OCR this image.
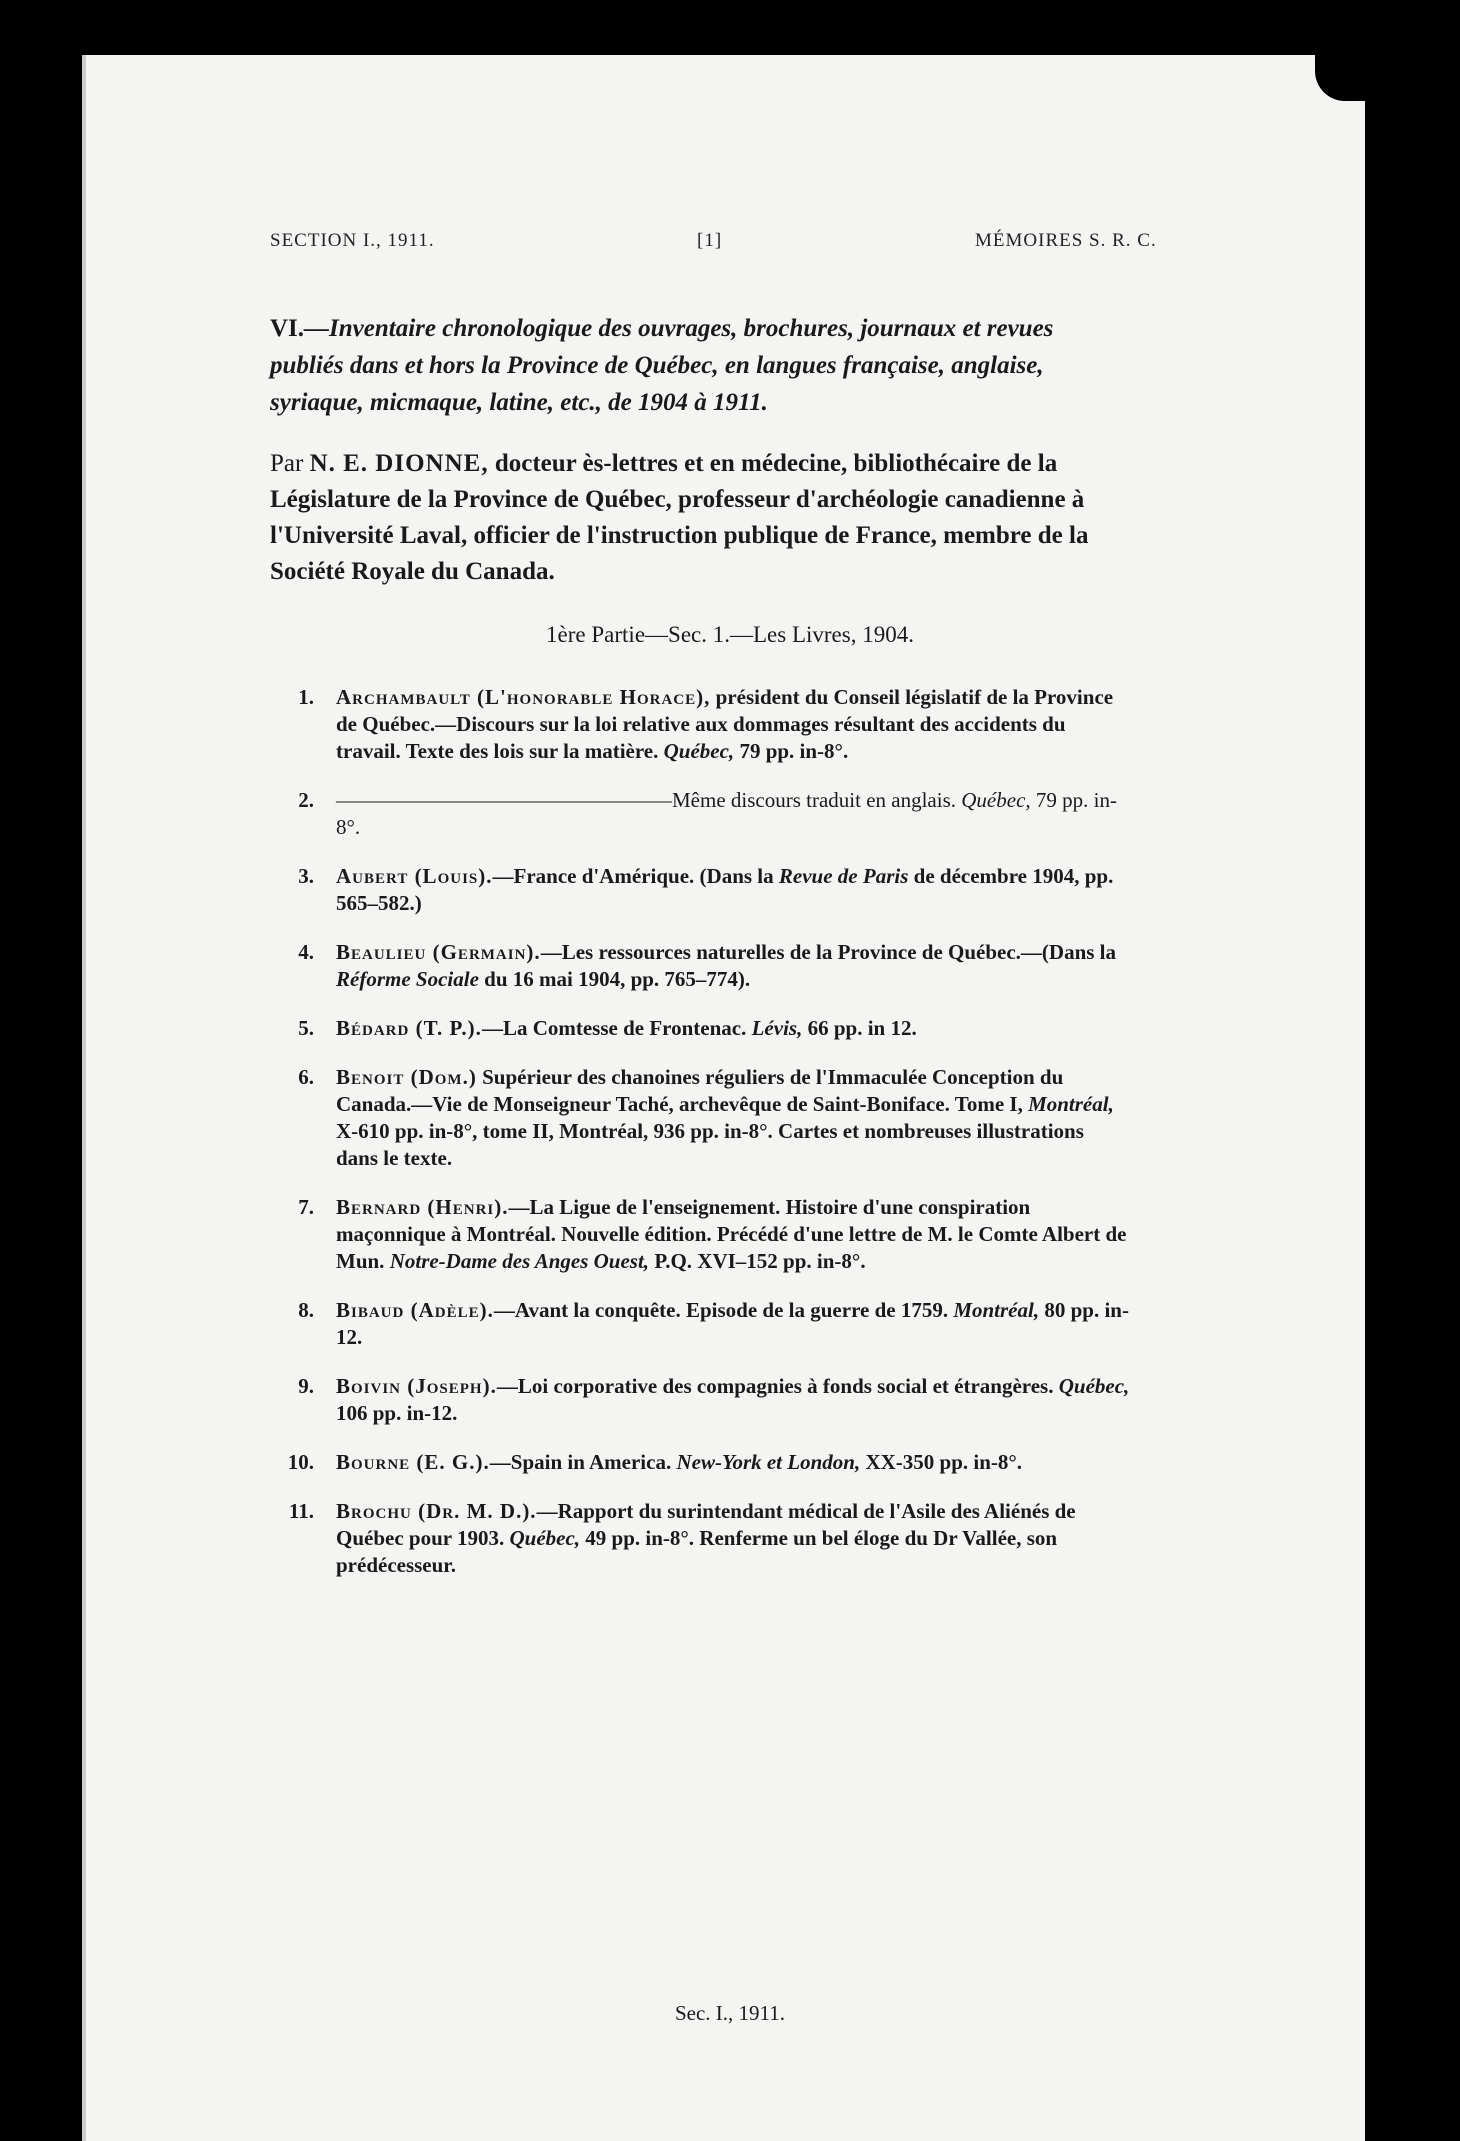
SECTION I., 1911.	[1]	MÉMOIRES S. R. C.
VI.—Inventaire chronologique des ouvrages, brochures, journaux et revues publiés dans et hors la Province de Québec, en langues française, anglaise, syriaque, micmaque, latine, etc., de 1904 à 1911.
Par N. E. DIONNE, docteur ès-lettres et en médecine, bibliothécaire de la Législature de la Province de Québec, professeur d'archéologie canadienne à l'Université Laval, officier de l'instruction publique de France, membre de la Société Royale du Canada.
1ère Partie—Sec. 1.—Les Livres, 1904.
1. Archambault (L'honorable Horace), président du Conseil législatif de la Province de Québec.—Discours sur la loi relative aux dommages résultant des accidents du travail. Texte des lois sur la matière. Québec, 79 pp. in-8°.
2. ————————————————Même discours traduit en anglais. Québec, 79 pp. in-8°.
3. Aubert (Louis).—France d'Amérique. (Dans la Revue de Paris de décembre 1904, pp. 565–582.)
4. Beaulieu (Germain).—Les ressources naturelles de la Province de Québec.—(Dans la Réforme Sociale du 16 mai 1904, pp. 765–774).
5. Bédard (T. P.).—La Comtesse de Frontenac. Lévis, 66 pp. in 12.
6. Benoit (Dom.) Supérieur des chanoines réguliers de l'Immaculée Conception du Canada.—Vie de Monseigneur Taché, archevêque de Saint-Boniface. Tome I, Montréal, X-610 pp. in-8°, tome II, Montréal, 936 pp. in-8°. Cartes et nombreuses illustrations dans le texte.
7. Bernard (Henri).—La Ligue de l'enseignement. Histoire d'une conspiration maçonnique à Montréal. Nouvelle édition. Précédé d'une lettre de M. le Comte Albert de Mun. Notre-Dame des Anges Ouest, P.Q. XVI–152 pp. in-8°.
8. Bibaud (Adèle).—Avant la conquête. Episode de la guerre de 1759. Montréal, 80 pp. in-12.
9. Boivin (Joseph).—Loi corporative des compagnies à fonds social et étrangères. Québec, 106 pp. in-12.
10. Bourne (E. G.).—Spain in America. New-York et London, XX-350 pp. in-8°.
11. Brochu (Dr. M. D.).—Rapport du surintendant médical de l'Asile des Aliénés de Québec pour 1903. Québec, 49 pp. in-8°. Renferme un bel éloge du Dr Vallée, son prédécesseur.
Sec. I., 1911.
